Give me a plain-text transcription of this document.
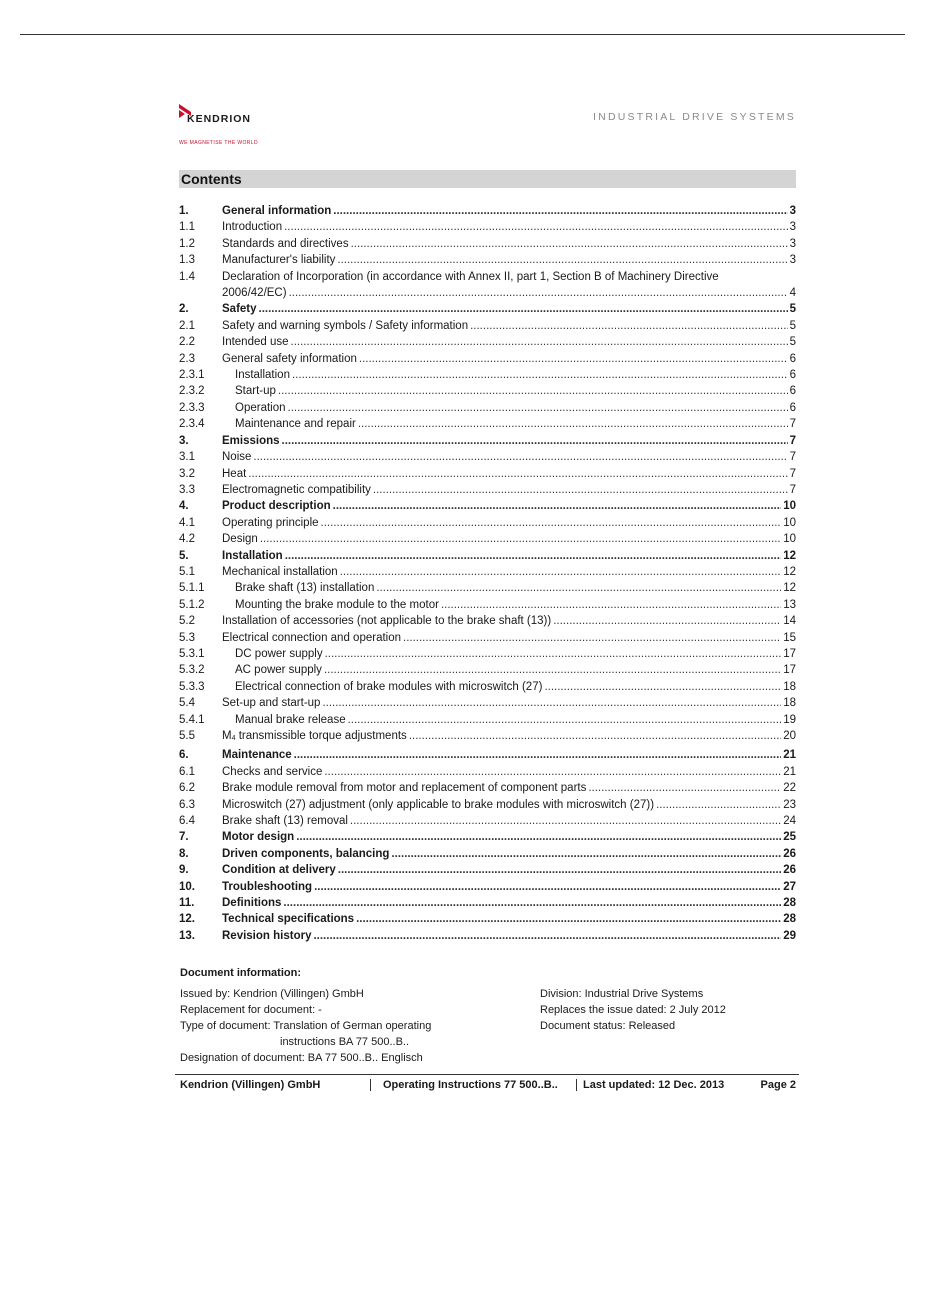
KENDRION
WE MAGNETISE THE WORLD
INDUSTRIAL DRIVE SYSTEMS
Contents
1.	General information .....	3
1.1 Introduction .....	3
1.2 Standards and directives .....	3
1.3 Manufacturer's liability .....	3
1.4 Declaration of Incorporation (in accordance with Annex II, part 1, Section B of Machinery Directive
2006/42/EC) .....	4
2.	Safety .....	5
2.1 Safety and warning symbols / Safety information .....	5
2.2 Intended use .....	5
2.3 General safety information .....	6
2.3.1	Installation .....	6
2.3.2	Start-up .....	6
2.3.3	Operation .....	6
2.3.4	Maintenance and repair .....	7
3.	Emissions .....	7
3.1 Noise .....	7
3.2 Heat .....	7
3.3 Electromagnetic compatibility .....	7
4.	Product description .....	10
4.1 Operating principle .....	10
4.2 Design .....	10
5.	Installation .....	12
5.1 Mechanical installation .....	12
5.1.1	Brake shaft (13) installation .....	12
5.1.2	Mounting the brake module to the motor .....	13
5.2 Installation of accessories (not applicable to the brake shaft (13)) .....	14
5.3 Electrical connection and operation .....	15
5.3.1	DC power supply .....	17
5.3.2	AC power supply .....	17
5.3.3	Electrical connection of brake modules with microswitch (27) .....	18
5.4 Set-up and start-up .....	18
5.4.1	Manual brake release .....	19
5.5 M4 transmissible torque adjustments .....	20
6.	Maintenance .....	21
6.1 Checks and service .....	21
6.2 Brake module removal from motor and replacement of component parts .....	22
6.3 Microswitch (27) adjustment (only applicable to brake modules with microswitch (27)) .....	23
6.4 Brake shaft (13) removal .....	24
7.	Motor design .....	25
8.	Driven components, balancing .....	26
9.	Condition at delivery .....	26
10. Troubleshooting .....	27
11. Definitions .....	28
12. Technical specifications .....	28
13. Revision history .....	29
Document information:
Issued by: Kendrion (Villingen) GmbH
Replacement for document: -
Type of document: Translation of German operating
instructions BA 77 500..B..
Designation of document: BA 77 500..B.. Englisch
Division: Industrial Drive Systems
Replaces the issue dated: 2 July 2012
Document status: Released
Kendrion (Villingen) GmbH	Operating Instructions 77 500..B..	Last updated: 12 Dec. 2013	Page 2
